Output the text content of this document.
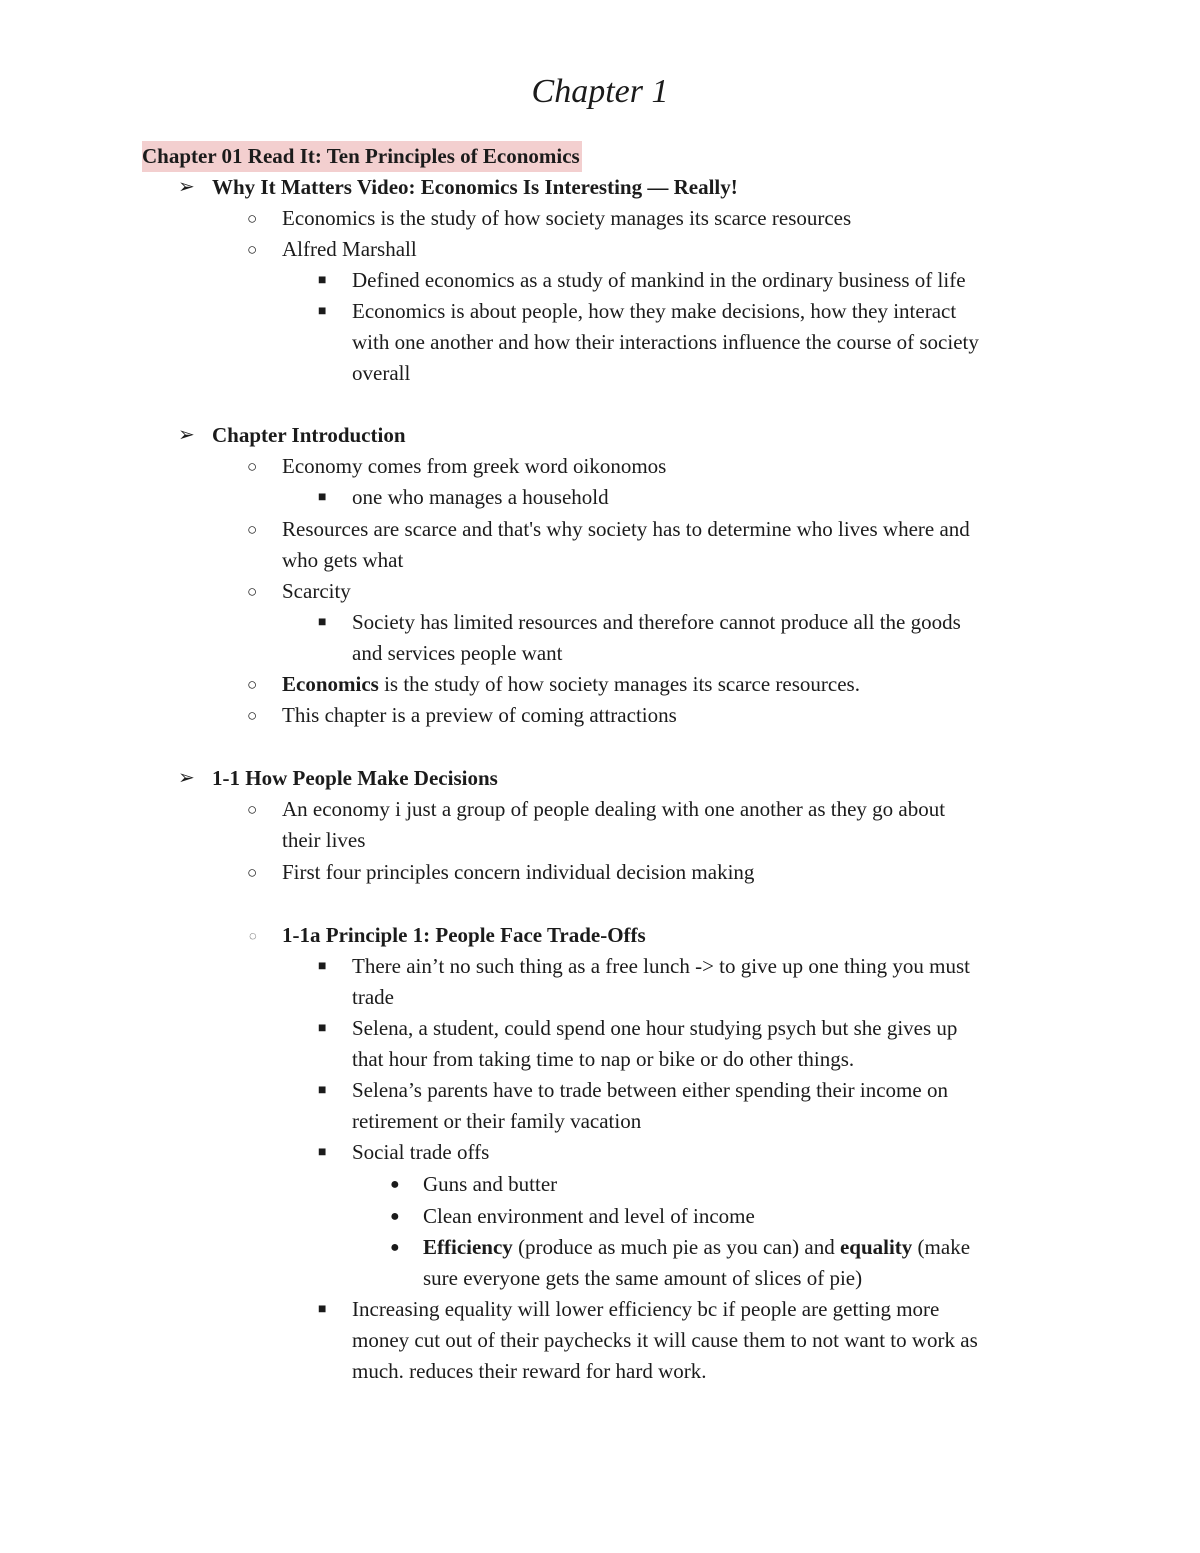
Chapter 1
Chapter 01 Read It: Ten Principles of Economics
➢ Why It Matters Video: Economics Is Interesting — Really!
○ Economics is the study of how society manages its scarce resources
○ Alfred Marshall
■ Defined economics as a study of mankind in the ordinary business of life
■ Economics is about people, how they make decisions, how they interact
with one another and how their interactions influence the course of society
overall
➢ Chapter Introduction
○ Economy comes from greek word oikonomos
■ one who manages a household
○ Resources are scarce and that's why society has to determine who lives where and
who gets what
○ Scarcity
■ Society has limited resources and therefore cannot produce all the goods
and services people want
○ Economics is the study of how society manages its scarce resources.
○ This chapter is a preview of coming attractions
➢ 1-1 How People Make Decisions
○ An economy i just a group of people dealing with one another as they go about
their lives
○ First four principles concern individual decision making
◌ 1-1a Principle 1: People Face Trade-Offs
■ There ain’t no such thing as a free lunch -> to give up one thing you must
trade
■ Selena, a student, could spend one hour studying psych but she gives up
that hour from taking time to nap or bike or do other things.
■ Selena’s parents have to trade between either spending their income on
retirement or their family vacation
■ Social trade offs
● Guns and butter
● Clean environment and level of income
● Efficiency (produce as much pie as you can) and equality (make
sure everyone gets the same amount of slices of pie)
■ Increasing equality will lower efficiency bc if people are getting more
money cut out of their paychecks it will cause them to not want to work as
much. reduces their reward for hard work.
